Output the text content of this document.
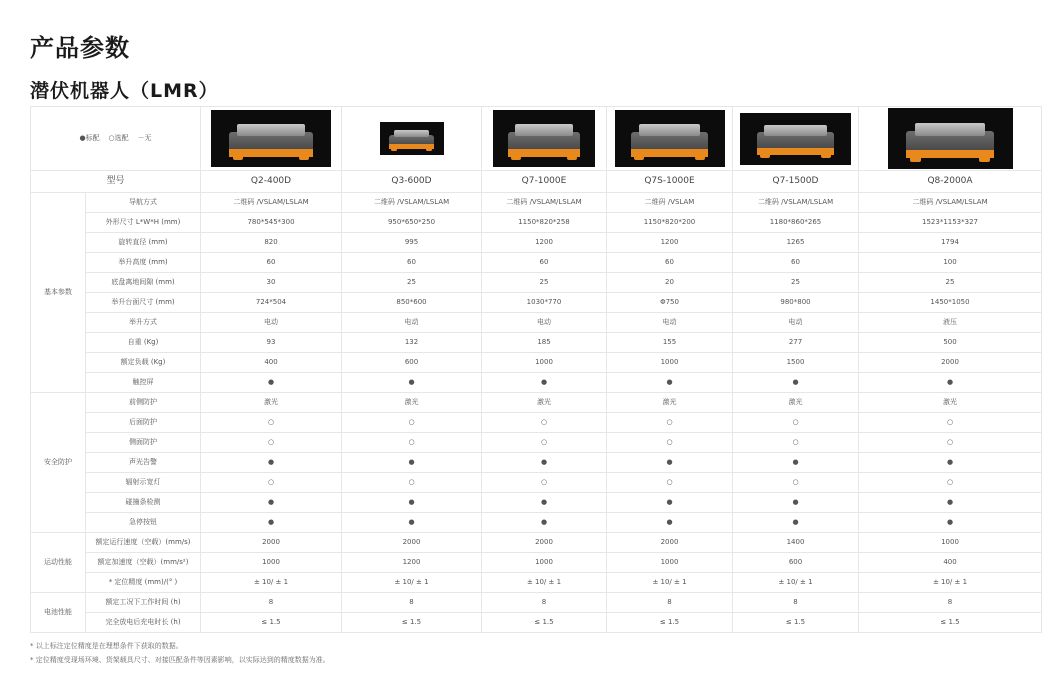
产品参数
潜伏机器人（LMR）
●标配 ○选配 －无		

型号		Q2-400D	Q3-600D	Q7-1000E	Q7S-1000E	Q7-1500D	Q8-2000A
基本参数	导航方式	二维码 /VSLAM/LSLAM	二维码 /VSLAM/LSLAM	二维码 /VSLAM/LSLAM	二维码 /VSLAM	二维码 /VSLAM/LSLAM	二维码 /VSLAM/LSLAM
	外形尺寸 L*W*H (mm)	780*545*300	950*650*250	1150*820*258	1150*820*200	1180*860*265	1523*1153*327
	旋转直径 (mm)	820	995	1200	1200	1265	1794
	举升高度 (mm)	60	60	60	60	60	100
	底盘离地间隙 (mm)	30	25	25	20	25	25
	举升台面尺寸 (mm)	724*504	850*600	1030*770	Φ750	980*800	1450*1050
	举升方式	电动	电动	电动	电动	电动	液压
	自重 (Kg)	93	132	185	155	277	500
	额定负载 (Kg)	400	600	1000	1000	1500	2000
	触控屏	●	●	●	●	●	●
安全防护	前侧防护	激光	激光	激光	激光	激光	激光
	后面防护	○	○	○	○	○	○
	侧面防护	○	○	○	○	○	○
	声光告警	●	●	●	●	●	●
	辐射示宽灯	○	○	○	○	○	○
	碰撞条检测	●	●	●	●	●	●
	急停按钮	●	●	●	●	●	●
运动性能	额定运行速度（空载）(mm/s)	2000	2000	2000	2000	1400	1000
	额定加速度（空载）(mm/s²)	1000	1200	1000	1000	600	400
	* 定位精度 (mm)/(° )	± 10/ ± 1	± 10/ ± 1	± 10/ ± 1	± 10/ ± 1	± 10/ ± 1	± 10/ ± 1
电池性能	额定工况下工作时间 (h)	8	8	8	8	8	8
	完全放电后充电时长 (h)	≤ 1.5	≤ 1.5	≤ 1.5	≤ 1.5	≤ 1.5	≤ 1.5

* 以上标注定位精度是在理想条件下获取的数据。

* 定位精度受现场环境、货架载具尺寸、对接匹配条件等因素影响，以实际达到的精度数据为准。
